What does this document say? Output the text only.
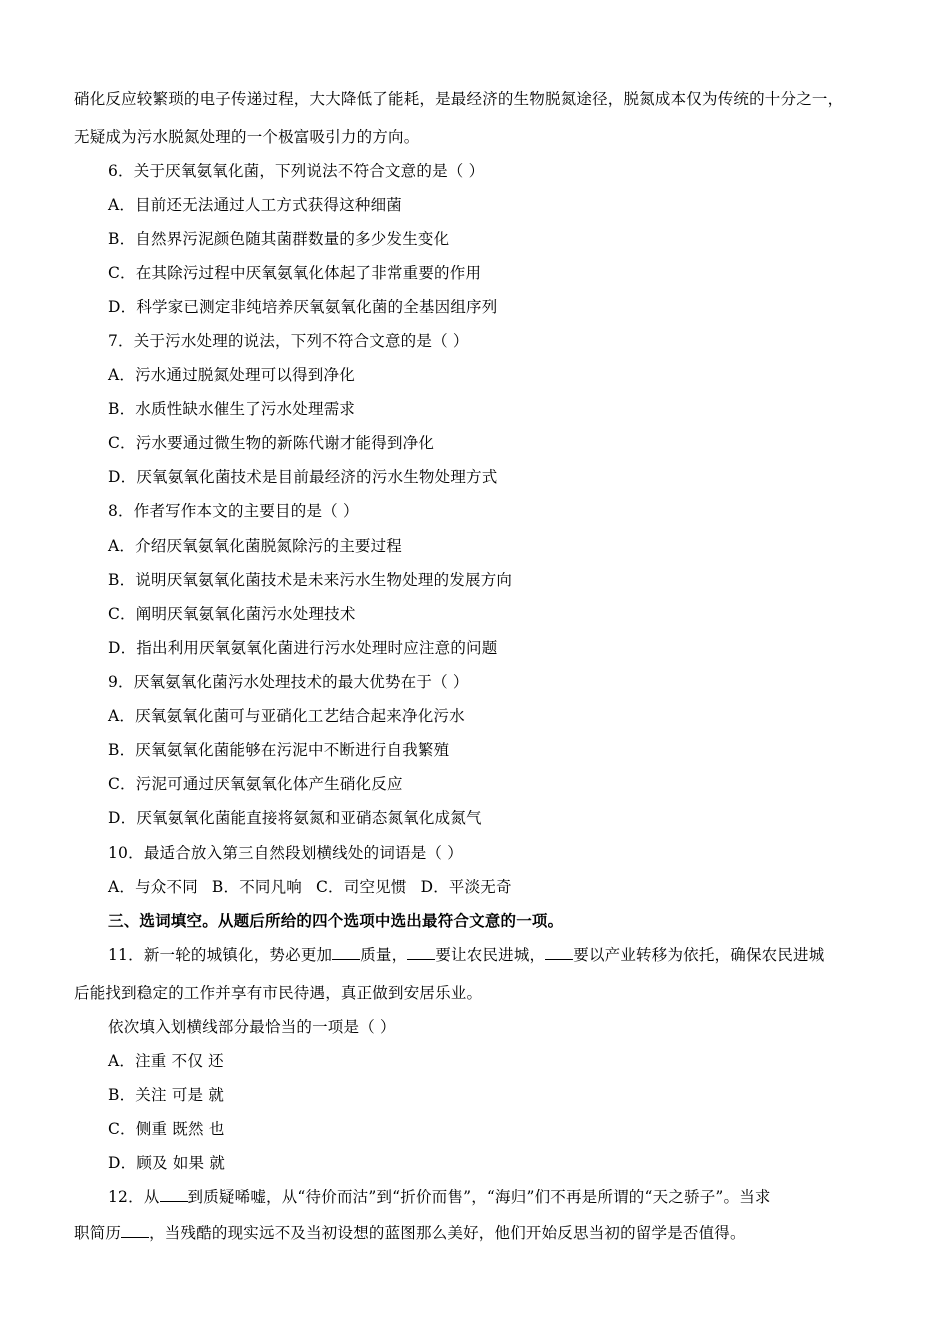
硝化反应较繁琐的电子传递过程，大大降低了能耗，是最经济的生物脱氮途径，脱氮成本仅为传统的十分之一，
无疑成为污水脱氮处理的一个极富吸引力的方向。
6．关于厌氧氨氧化菌，下列说法不符合文意的是（ ）
A．目前还无法通过人工方式获得这种细菌
B．自然界污泥颜色随其菌群数量的多少发生变化
C．在其除污过程中厌氧氨氧化体起了非常重要的作用
D．科学家已测定非纯培养厌氧氨氧化菌的全基因组序列
7．关于污水处理的说法，下列不符合文意的是（ ）
A．污水通过脱氮处理可以得到净化
B．水质性缺水催生了污水处理需求
C．污水要通过微生物的新陈代谢才能得到净化
D．厌氧氨氧化菌技术是目前最经济的污水生物处理方式
8．作者写作本文的主要目的是（ ）
A．介绍厌氧氨氧化菌脱氮除污的主要过程
B．说明厌氧氨氧化菌技术是未来污水生物处理的发展方向
C．阐明厌氧氨氧化菌污水处理技术
D．指出利用厌氧氨氧化菌进行污水处理时应注意的问题
9．厌氧氨氧化菌污水处理技术的最大优势在于（ ）
A．厌氧氨氧化菌可与亚硝化工艺结合起来净化污水
B．厌氧氨氧化菌能够在污泥中不断进行自我繁殖
C．污泥可通过厌氧氨氧化体产生硝化反应
D．厌氧氨氧化菌能直接将氨氮和亚硝态氮氧化成氮气
10．最适合放入第三自然段划横线处的词语是（ ）
A．与众不同 B．不同凡响 C．司空见惯 D．平淡无奇
三、选词填空。从题后所给的四个选项中选出最符合文意的一项。
11．新一轮的城镇化，势必更加 质量， 要让农民进城， 要以产业转移为依托，确保农民进城
后能找到稳定的工作并享有市民待遇，真正做到安居乐业。
依次填入划横线部分最恰当的一项是（ ）
A．注重 不仅 还
B．关注 可是 就
C．侧重 既然 也
D．顾及 如果 就
12．从 到质疑唏嘘，从“待价而沽”到“折价而售”，“海归”们不再是所谓的“天之骄子”。当求
职简历 ，当残酷的现实远不及当初设想的蓝图那么美好，他们开始反思当初的留学是否值得。
